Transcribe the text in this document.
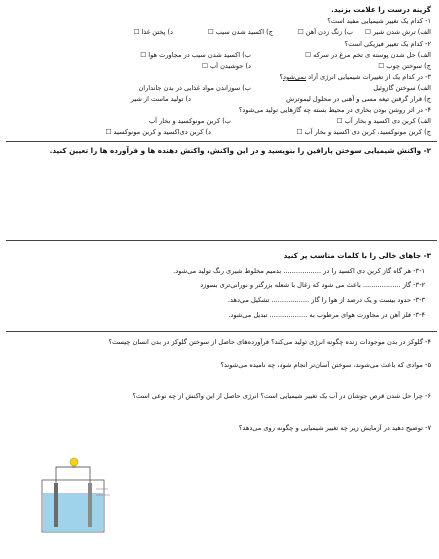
گزینه درست را علامت بزنید.
۱- کدام یک تغییر شیمیایی مفید است؟
الف) ترش شدن شیر ☐
ب) زنگ زدن آهن ☐
ج) اکسید شدن سیب ☐
د) پختن غذا ☐
۲- کدام یک تغییر فیزیکی است؟
الف) حل شدن پوسته ی تخم مرغ در سرکه ☐
ب) اکسید شدن سیب در مجاورت هوا ☐
ج) سوختن چوب ☐
د) جوشیدن آب ☐
۳- در کدام یک از تغییرات شیمیایی انرژی آزاد نمی‌شود؟
الف) سوختن گازوئیل
ب) سوزاندن مواد غذایی در بدن جانداران
ج) قرار گرفتن تیغه مسی و آهنی در محلول لیموترش
د) تولید ماست از شیر
۴- در اثر روشن بودن بخاری در محیط بسته چه گازهایی تولید می‌شود؟
الف) کربن دی اکسید و بخار آب ☐
ب) کربن مونوکسید و بخار آب
ج) کربن مونوکسید، کربن دی اکسید و بخار آب ☐
د) کربن دی‌اکسید و کربن مونوکسید ☐
۲- واکنش شیمیایی سوختن پارافین را بنویسید و در این واکنش، واکنش دهنده ها و فرآورده ها را تعیین کنید.
۳- جاهای خالی را با کلمات مناسب پر کنید
۳-۱- هر گاه گاز کربن دی اکسید را در .................. بدمیم مخلوط شیری رنگ تولید می‌شود.
۳-۲- گاز .................. باعث می شود که زغال با شعله بزرگتر و نورانی‌تری بسوزد
۳-۳- حدود بیست و یک درصد از هوا را گاز .................. تشکیل می‌دهد.
۳-۴- فلز آهن در مجاورت هوای مرطوب به .................. تبدیل می‌شود.
۴- گلوکز در بدن موجودات زنده چگونه انرژی تولید می‌کند؟ فرآورده‌های حاصل از سوختن گلوکز در بدن انسان چیست؟
۵- موادی که باعث می‌شوند، سوختن آسان‌تر انجام شود، چه نامیده می‌شوند؟
۶- چرا حل شدن قرص جوشان در آب یک تغییر شیمیایی است؟ انرژی حاصل از این واکنش از چه نوعی است؟
۷- توضیح دهید در آزمایش زیر چه تغییر شیمیایی و چگونه روی می‌دهد؟
